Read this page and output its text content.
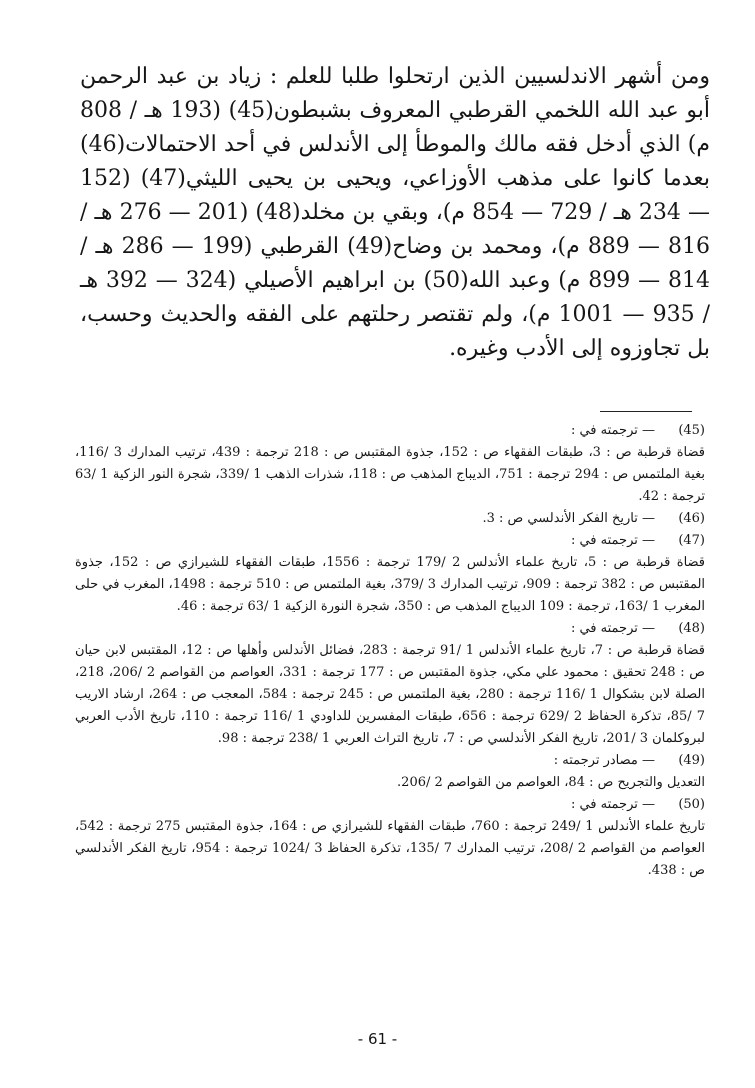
ومن أشهر الاندلسيين الذين ارتحلوا طلبا للعلم : زياد بن عبد الرحمن أبو عبد الله اللخمي القرطبي المعروف بشبطون(45) (193 هـ / 808 م) الذي أدخل فقه مالك والموطأ إلى الأندلس في أحد الاحتمالات(46) بعدما كانوا على مذهب الأوزاعي، ويحيى بن يحيى الليثي(47) (152 — 234 هـ / 729 — 854 م)، وبقي بن مخلد(48) (201 — 276 هـ / 816 — 889 م)، ومحمد بن وضاح(49) القرطبي (199 — 286 هـ / 814 — 899 م) وعبد الله(50) بن ابراهيم الأصيلي (324 — 392 هـ / 935 — 1001 م)، ولم تقتصر رحلتهم على الفقه والحديث وحسب، بل تجاوزوه إلى الأدب وغيره.

(45)
— ترجمته في :

قضاة قرطبة ص : 3، طبقات الفقهاء ص : 152، جذوة المقتبس ص : 218 ترجمة : 439، ترتيب المدارك 3 /116، بغية الملتمس ص : 294 ترجمة : 751، الديباج المذهب ص : 118، شذرات الذهب 1 /339، شجرة النور الزكية 1 /63 ترجمة : 42.

(46)
— تاريخ الفكر الأندلسي ص : 3.
(47)
— ترجمته في :

قضاة قرطبة ص : 5، تاريخ علماء الأندلس 2 /179 ترجمة : 1556، طبقات الفقهاء للشيرازي ص : 152، جذوة المقتبس ص : 382 ترجمة : 909، ترتيب المدارك 3 /379، بغية الملتمس ص : 510 ترجمة : 1498، المغرب في حلى المغرب 1 /163، ترجمة : 109 الديباج المذهب ص : 350، شجرة النورة الزكية 1 /63 ترجمة : 46.

(48)
— ترجمته في :

قضاة قرطبة ص : 7، تاريخ علماء الأندلس 1 /91 ترجمة : 283، فضائل الأندلس وأهلها ص : 12، المقتبس لابن حيان ص : 248 تحقيق : محمود علي مكي، جذوة المقتبس ص : 177 ترجمة : 331، العواصم من القواصم 2 /206، 218، الصلة لابن بشكوال 1 /116 ترجمة : 280، بغية الملتمس ص : 245 ترجمة : 584، المعجب ص : 264، ارشاد الاريب 7 /85، تذكرة الحفاظ 2 /629 ترجمة : 656، طبقات المفسرين للداودي 1 /116 ترجمة : 110، تاريخ الأدب العربي لبروكلمان 3 /201، تاريخ الفكر الأندلسي ص : 7، تاريخ التراث العربي 1 /238 ترجمة : 98.

(49)
— مصادر ترجمته :

التعديل والتجريح ص : 84، العواصم من القواصم 2 /206.

(50)
— ترجمته في :

تاريخ علماء الأندلس 1 /249 ترجمة : 760، طبقات الفقهاء للشيرازي ص : 164، جذوة المقتبس 275 ترجمة : 542، العواصم من القواصم 2 /208، ترتيب المدارك 7 /135، تذكرة الحفاظ 3 /1024 ترجمة : 954، تاريخ الفكر الأندلسي ص : 438.

- 61 -
